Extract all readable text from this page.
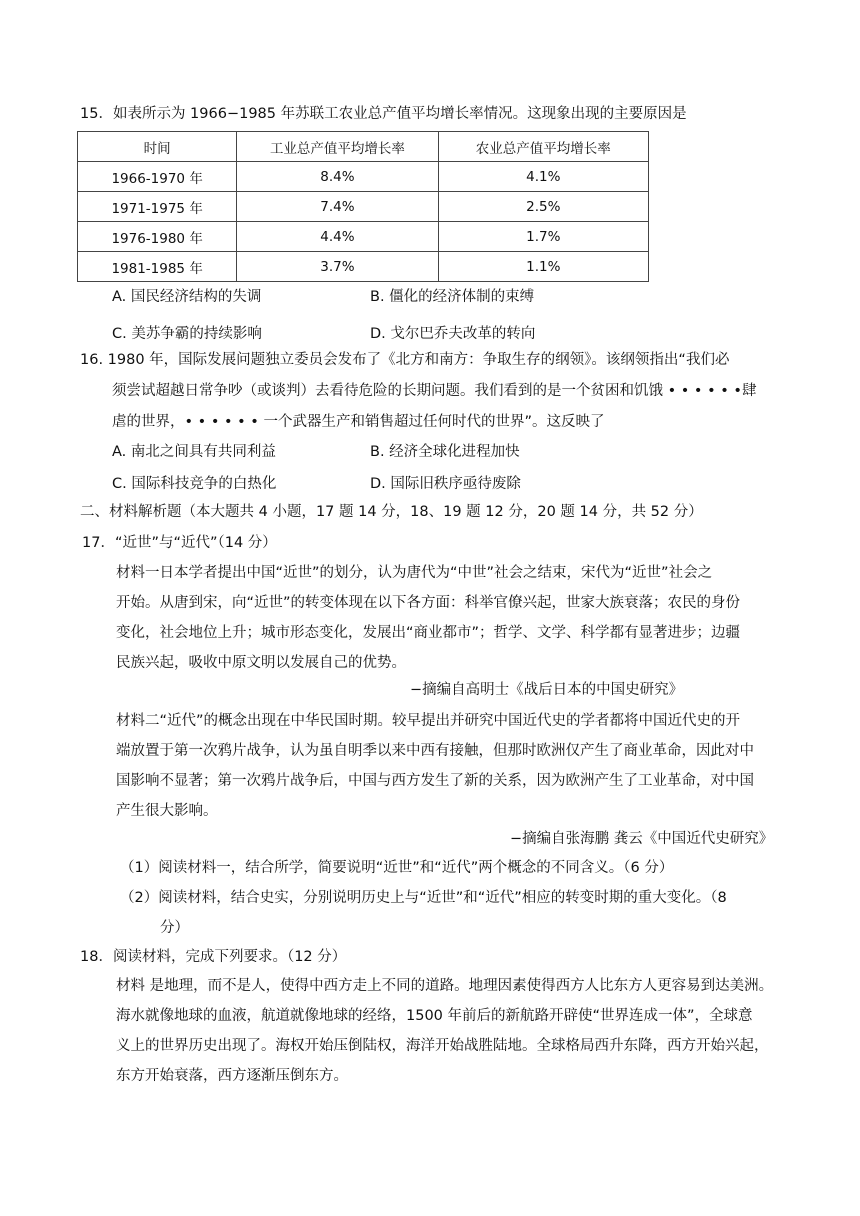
15．如表所示为 1966−1985 年苏联工农业总产值平均增长率情况。这现象出现的主要原因是
时间	工业总产值平均增长率	农业总产值平均增长率
1966-1970 年	8.4%	4.1%
1971-1975 年	7.4%	2.5%
1976-1980 年	4.4%	1.7%
1981-1985 年	3.7%	1.1%
A. 国民经济结构的失调	B. 僵化的经济体制的束缚
C. 美苏争霸的持续影响	D. 戈尔巴乔夫改革的转向
16. 1980 年，国际发展问题独立委员会发布了《北方和南方：争取生存的纲领》。该纲领指出“我们必
须尝试超越日常争吵（或谈判）去看待危险的长期问题。我们看到的是一个贫困和饥饿 • • • • • •肆
虐的世界，• • • • • • 一个武器生产和销售超过任何时代的世界”。这反映了
A. 南北之间具有共同利益	B. 经济全球化进程加快
C. 国际科技竞争的白热化	D. 国际旧秩序亟待废除
二、材料解析题（本大题共 4 小题，17 题 14 分，18、19 题 12 分，20 题 14 分，共 52 分）
17．“近世”与“近代”（14 分）
材料一日本学者提出中国“近世”的划分，认为唐代为“中世”社会之结束，宋代为“近世”社会之
开始。从唐到宋，向“近世”的转变体现在以下各方面：科举官僚兴起，世家大族衰落；农民的身份
变化，社会地位上升；城市形态变化，发展出“商业都市”；哲学、文学、科学都有显著进步；边疆
民族兴起，吸收中原文明以发展自己的优势。
−摘编自高明士《战后日本的中国史研究》
材料二“近代”的概念出现在中华民国时期。较早提出并研究中国近代史的学者都将中国近代史的开
端放置于第一次鸦片战争，认为虽自明季以来中西有接触，但那时欧洲仅产生了商业革命，因此对中
国影响不显著；第一次鸦片战争后，中国与西方发生了新的关系，因为欧洲产生了工业革命，对中国
产生很大影响。
−摘编自张海鹏 龚云《中国近代史研究》
（1）阅读材料一，结合所学，简要说明“近世”和“近代”两个概念的不同含义。（6 分）
（2）阅读材料，结合史实，分别说明历史上与“近世”和“近代”相应的转变时期的重大变化。（8
分）
18．阅读材料，完成下列要求。（12 分）
材料 是地理，而不是人，使得中西方走上不同的道路。地理因素使得西方人比东方人更容易到达美洲。
海水就像地球的血液，航道就像地球的经络，1500 年前后的新航路开辟使“世界连成一体”，全球意
义上的世界历史出现了。海权开始压倒陆权，海洋开始战胜陆地。全球格局西升东降，西方开始兴起，
东方开始衰落，西方逐渐压倒东方。
